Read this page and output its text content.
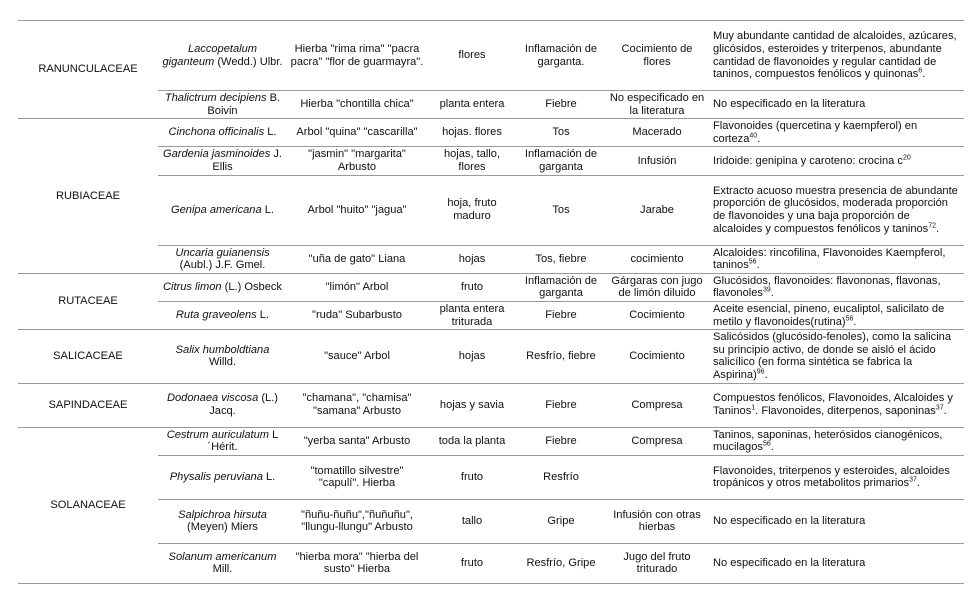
RANUNCULACEAE	Laccopetalum giganteum (Wedd.) Ulbr.	Hierba "rima rima" "pacra pacra" "flor de guarmayra".	flores	Inflamación de garganta.	Cocimiento de flores	Muy abundante cantidad de alcaloides, azúcares, glicósidos, esteroides y triterpenos, abundante cantidad de flavonoides y regular cantidad de taninos, compuestos fenólicos y quinonas$^6$.
	Thalictrum decipiens B. Boivin	Hierba "chontilla chica"	planta entera	Fiebre	No especificado en la literatura	No especificado en la literatura
RUBIACEAE	Cinchona officinalis L.	Arbol "quina" "cascarilla"	hojas. flores	Tos	Macerado	Flavonoides (quercetina y kaempferol) en corteza$^{40}$.
	Gardenia jasminoides J. Ellis	"jasmin" "margarita" Arbusto	hojas, tallo, flores	Inflamación de garganta	Infusión	Iridoide: genipina y caroteno: crocina $c^{20}$
	Genipa americana L.	Arbol "huito" "jagua"	hoja, fruto maduro	Tos	Jarabe	Extracto acuoso muestra presencia de abundante proporción de glucósidos, moderada proporción de flavonoides y una baja proporción de alcaloides y compuestos fenólicos y taninos$^{72}$.
	Uncaria guianensis (Aubl.) J.F. Gmel.	"uña de gato" Liana	hojas	Tos, fiebre	cocimiento	Alcaloides: rincofilina, Flavonoides Kaempferol, taninos$^{56}$.
RUTACEAE	Citrus limon (L.) Osbeck	"limón" Arbol	fruto	Inflamación de garganta	Gárgaras con jugo de limón diluido	Glucósidos, flavonoides: flavononas, flavonas, flavonoles$^{39}$.
	Ruta graveolens L.	"ruda" Subarbusto	planta entera triturada	Fiebre	Cocimiento	Aceite esencial, pineno, eucaliptol, salicilato de metilo y flavonoides(rutina)$^{56}$.
SALICACEAE	Salix humboldtiana Willd.	"sauce" Arbol	hojas	Resfrío, fiebre	Cocimiento	Salicósidos (glucósido-fenoles), como la salicina su principio activo, de donde se aisló el ácido salicílico (en forma sintética se fabrica la Aspirina)$^{96}$.
SAPINDACEAE	Dodonaea viscosa (L.) Jacq.	"chamana", "chamisa" "samana" Arbusto	hojas y savia	Fiebre	Compresa	Compuestos fenólicos, Flavonoides, Alcaloides y Taninos$^1$. Flavonoides, diterpenos, saponinas$^{37}$.
SOLANACEAE	Cestrum auriculatum L´Hérit.	"yerba santa" Arbusto	toda la planta	Fiebre	Compresa	Taninos, saponinas, heterósidos cianogénicos, mucilagos$^{56}$.
	Physalis peruviana L.	"tomatillo silvestre" "capulí". Hierba	fruto	Resfrío		Flavonoides, triterpenos y esteroides, alcaloides tropánicos y otros metabolitos primarios$^{37}$.
	Salpichroa hirsuta (Meyen) Miers	"ñuñu-ñuñu","ñuñuñu", "llungu-llungu" Arbusto	tallo	Gripe	Infusión con otras hierbas	No especificado en la literatura
	Solanum americanum Mill.	"hierba mora" "hierba del susto" Hierba	fruto	Resfrío, Gripe	Jugo del fruto triturado	No especificado en la literatura
